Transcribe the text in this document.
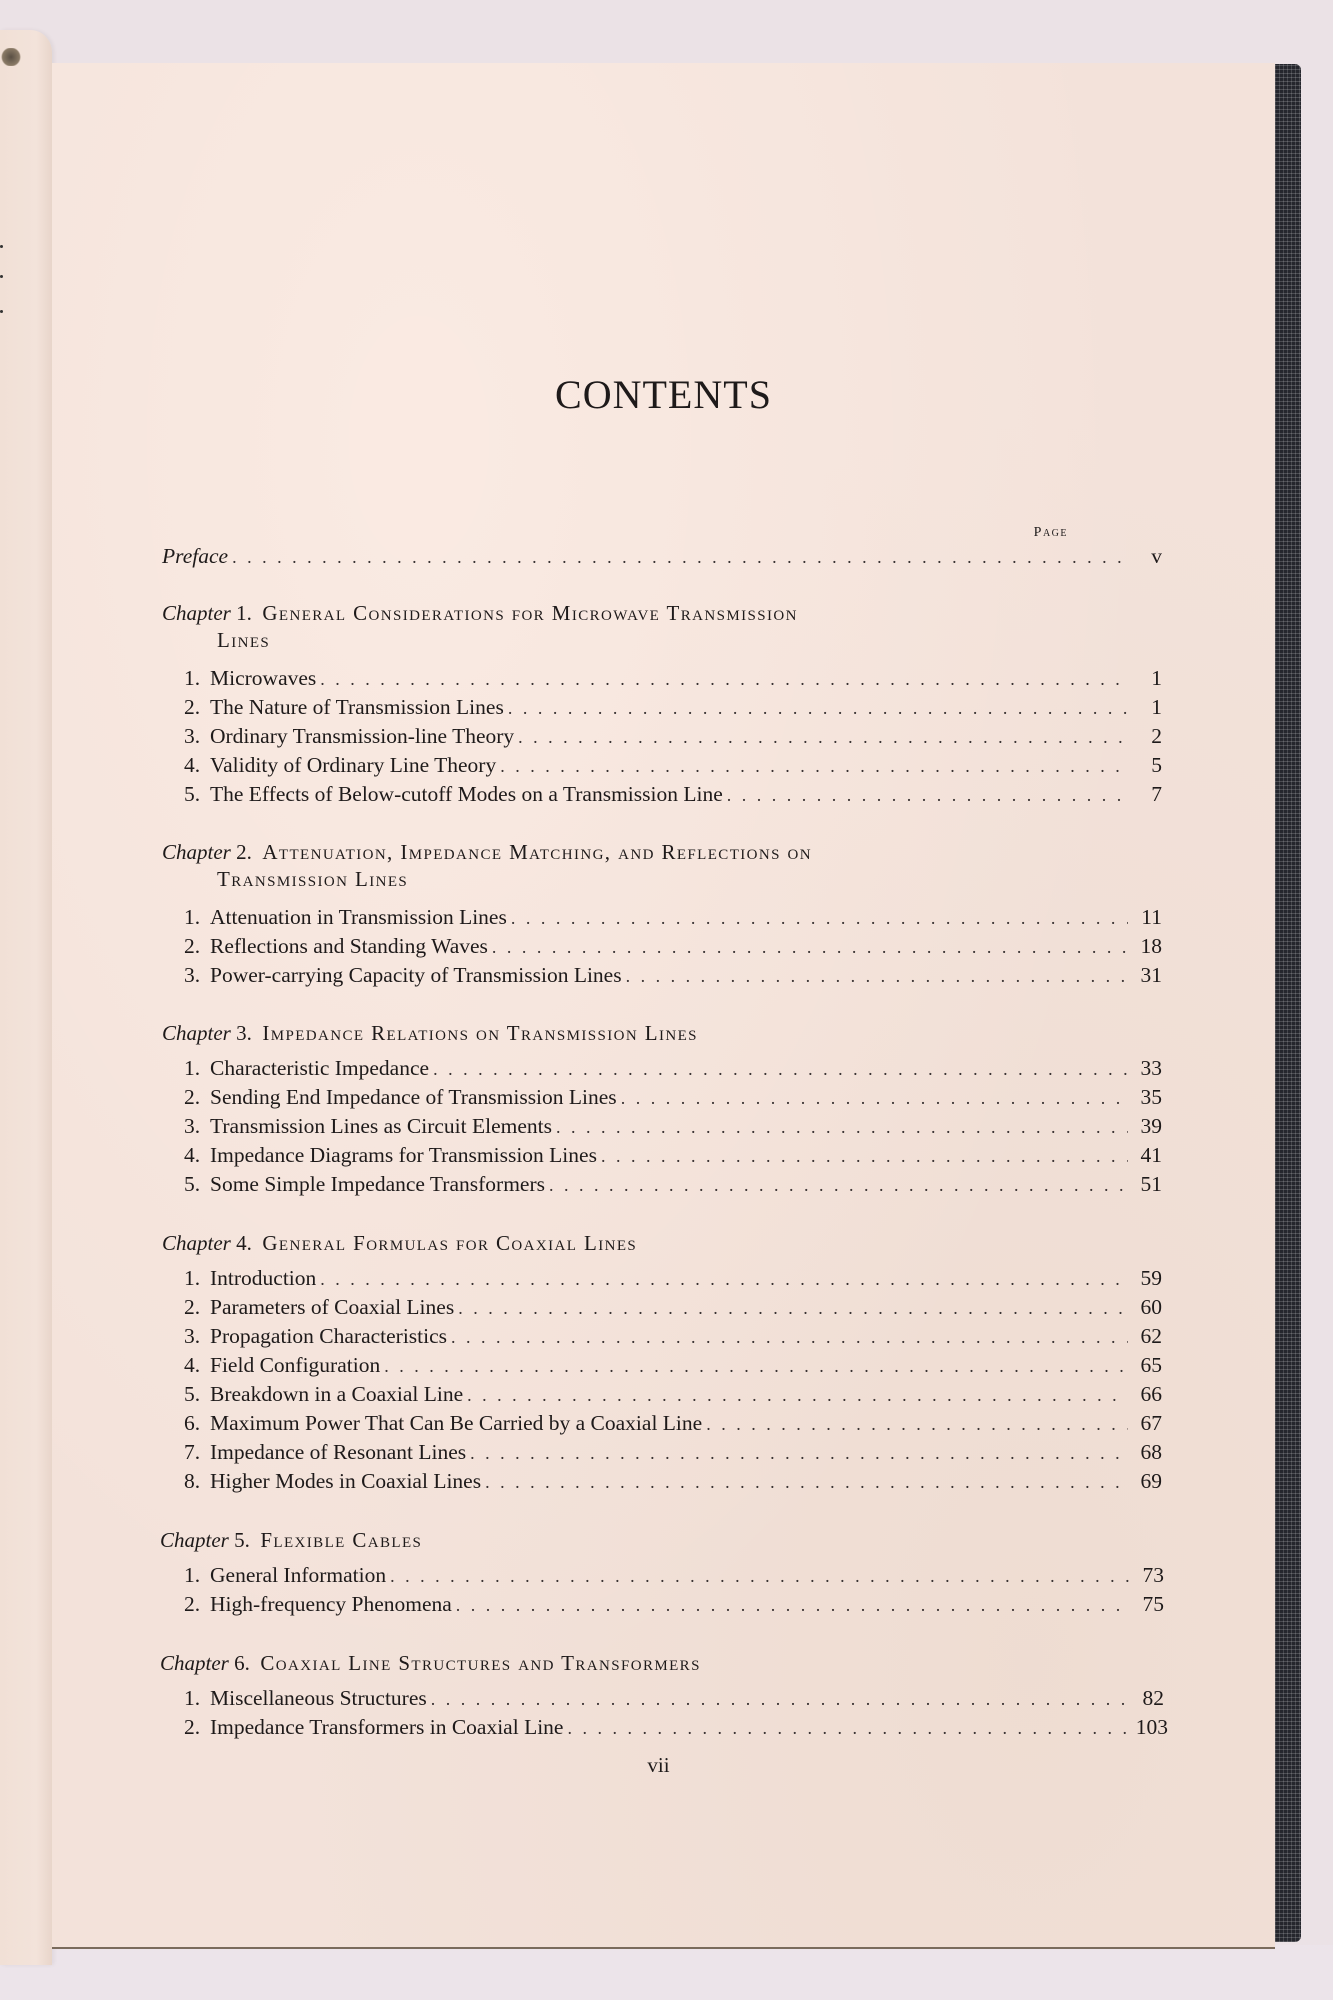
CONTENTS
Page
Preface . . .	v
Chapter 1. General Considerations for Microwave Transmission
Lines
1. Microwaves . . .	1
2. The Nature of Transmission Lines . . .	1
3. Ordinary Transmission-line Theory . . .	2
4. Validity of Ordinary Line Theory . . .	5
5. The Effects of Below-cutoff Modes on a Transmission Line . . .	7
Chapter 2. Attenuation, Impedance Matching, and Reflections on
Transmission Lines
1. Attenuation in Transmission Lines . . .	11
2. Reflections and Standing Waves . . .	18
3. Power-carrying Capacity of Transmission Lines . . .	31
Chapter 3. Impedance Relations on Transmission Lines
1. Characteristic Impedance . . .	33
2. Sending End Impedance of Transmission Lines . . .	35
3. Transmission Lines as Circuit Elements . . .	39
4. Impedance Diagrams for Transmission Lines . . .	41
5. Some Simple Impedance Transformers . . .	51
Chapter 4. General Formulas for Coaxial Lines
1. Introduction . . .	59
2. Parameters of Coaxial Lines . . .	60
3. Propagation Characteristics . . .	62
4. Field Configuration . . .	65
5. Breakdown in a Coaxial Line . . .	66
6. Maximum Power That Can Be Carried by a Coaxial Line . . .	67
7. Impedance of Resonant Lines . . .	68
8. Higher Modes in Coaxial Lines . . .	69
Chapter 5. Flexible Cables
1. General Information . . .	73
2. High-frequency Phenomena . . .	75
Chapter 6. Coaxial Line Structures and Transformers
1. Miscellaneous Structures . . .	82
2. Impedance Transformers in Coaxial Line . . .	103
vii
